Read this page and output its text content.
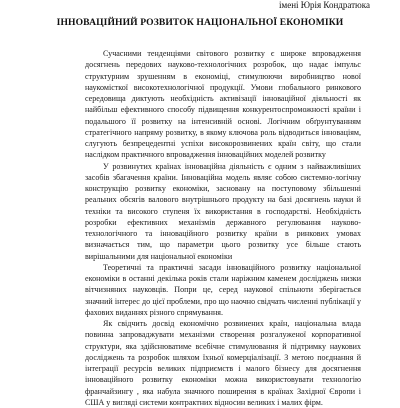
імені Юрія Кондратюка
ІННОВАЦІЙНИЙ РОЗВИТОК НАЦІОНАЛЬНОЇ ЕКОНОМІКИ

Сучасними тенденціями світового розвитку є широке впровадження досягнень передових науково-технологічних розробок, що надає імпульс структурним зрушенням в економіці, стимулюючи виробництво нової наукомісткої високотехнологічної продукції. Умови глобального ринкового середовища диктують необхідність активізації інноваційної діяльності як найбільш ефективного способу підвищення конкурентоспроможності країни і подальшого її розвитку на інтенсивній основі. Логічним обґрунтуванням стратегічного напряму розвитку, в якому ключова роль відводиться інноваціям, слугують безпрецедентні успіхи високорозвинених країн світу, що стали наслідком практичного впровадження інноваційних моделей розвитку

У розвинутих країнах інноваційна діяльність є одним з найважливіших засобів збагачення країни. Інноваційна модель являє собою системно-логічну конструкцію розвитку економіки, засновану на поступовому збільшенні реальних обсягів валового внутрішнього продукту на базі досягнень науки й техніки та високого ступеня їх використання в господарстві. Необхідність розробки ефективних механізмів державного регулювання науково-технологічного та інноваційного розвитку країни в ринкових умовах визначається тим, що параметри цього розвитку усе більше стають вирішальними для національної економіки

Теоретичні та практичні засади інноваційного розвитку національної економіки в останні декілька років стали наріжним каменем досліджень низки вітчизняних науковців. Попри це, серед наукової спільноти зберігається значний інтерес до цієї проблеми, про що наочно свідчать численні публікації у фахових виданнях різного спрямування.

Як свідчить досвід економічно розвинених країн, національна влада повинна запроваджувати механізми створення розгалуженої корпоративної структури, яка здійснюватиме всебічне стимулювання й підтримку наукових досліджень та розробок шляхом їхньої комерціалізації. З метою поєднання й інтеграції ресурсів великих підприємств і малого бізнесу для досягнення інноваційного розвитку економіки можна використовувати технологію франчайзингу , яка набула значного поширення в країнах Західної Європи і США у вигляді системи контрактних відносин великих і малих фірм.
